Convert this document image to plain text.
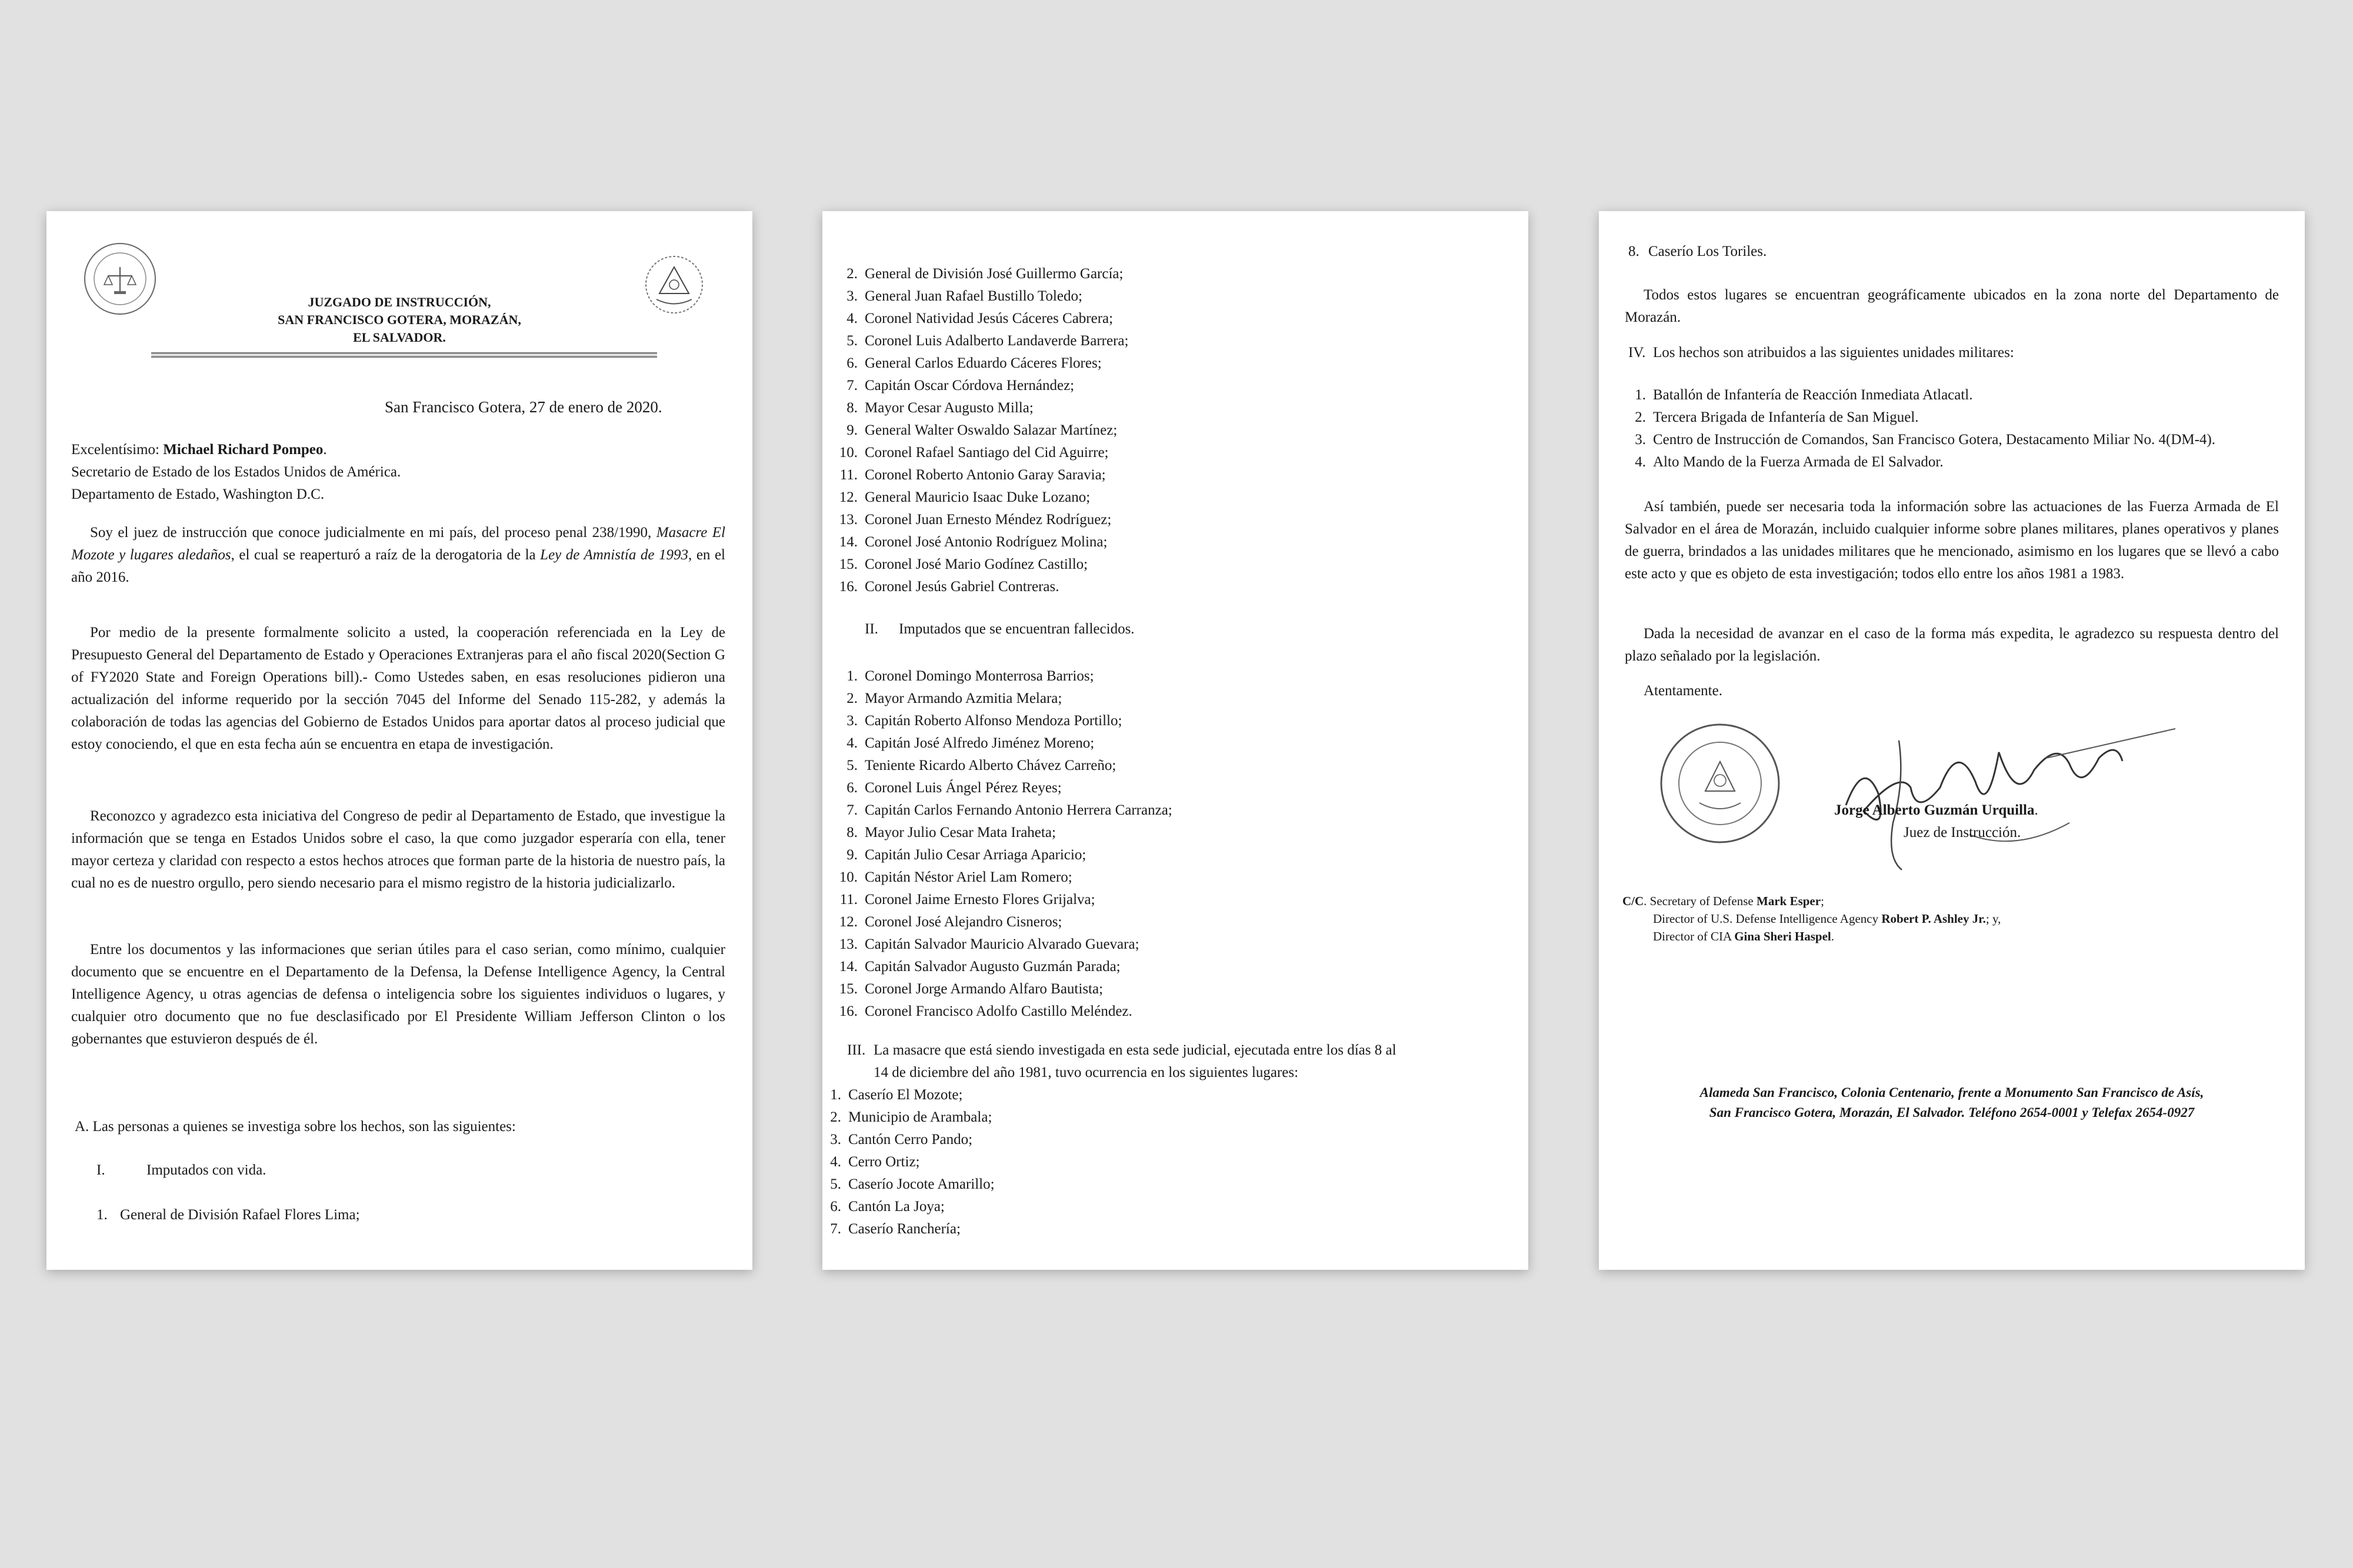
JUZGADO DE INSTRUCCIÓN,
SAN FRANCISCO GOTERA, MORAZÁN,
EL SALVADOR.
San Francisco Gotera, 27 de enero de 2020.
Excelentísimo: Michael Richard Pompeo.
Secretario de Estado de los Estados Unidos de América.
Departamento de Estado, Washington D.C.

Soy el juez de instrucción que conoce judicialmente en mi país, del proceso penal 238/1990, Masacre El Mozote y lugares aledaños, el cual se reaperturó a raíz de la derogatoria de la Ley de Amnistía de 1993, en el año 2016.

Por medio de la presente formalmente solicito a usted, la cooperación referenciada en la Ley de Presupuesto General del Departamento de Estado y Operaciones Extranjeras para el año fiscal 2020(Section G of FY2020 State and Foreign Operations bill).- Como Ustedes saben, en esas resoluciones pidieron una actualización del informe requerido por la sección 7045 del Informe del Senado 115-282, y además la colaboración de todas las agencias del Gobierno de Estados Unidos para aportar datos al proceso judicial que estoy conociendo, el que en esta fecha aún se encuentra en etapa de investigación.

Reconozco y agradezco esta iniciativa del Congreso de pedir al Departamento de Estado, que investigue la información que se tenga en Estados Unidos sobre el caso, la que como juzgador esperaría con ella, tener mayor certeza y claridad con respecto a estos hechos atroces que forman parte de la historia de nuestro país, la cual no es de nuestro orgullo, pero siendo necesario para el mismo registro de la historia judicializarlo.

Entre los documentos y las informaciones que serian útiles para el caso serian, como mínimo, cualquier documento que se encuentre en el Departamento de la Defensa, la Defense Intelligence Agency, la Central Intelligence Agency, u otras agencias de defensa o inteligencia sobre los siguientes individuos o lugares, y cualquier otro documento que no fue desclasificado por El Presidente William Jefferson Clinton o los gobernantes que estuvieron después de él.

A. Las personas a quienes se investiga sobre los hechos, son las siguientes:
I.	Imputados con vida.
1. General de División Rafael Flores Lima;
2. General de División José Guillermo García;
3. General Juan Rafael Bustillo Toledo;
4. Coronel Natividad Jesús Cáceres Cabrera;
5. Coronel Luis Adalberto Landaverde Barrera;
6. General Carlos Eduardo Cáceres Flores;
7. Capitán Oscar Córdova Hernández;
8. Mayor Cesar Augusto Milla;
9. General Walter Oswaldo Salazar Martínez;
10. Coronel Rafael Santiago del Cid Aguirre;
11. Coronel Roberto Antonio Garay Saravia;
12. General Mauricio Isaac Duke Lozano;
13. Coronel Juan Ernesto Méndez Rodríguez;
14. Coronel José Antonio Rodríguez Molina;
15. Coronel José Mario Godínez Castillo;
16. Coronel Jesús Gabriel Contreras.
II. Imputados que se encuentran fallecidos.
1. Coronel Domingo Monterrosa Barrios;
2. Mayor Armando Azmitia Melara;
3. Capitán Roberto Alfonso Mendoza Portillo;
4. Capitán José Alfredo Jiménez Moreno;
5. Teniente Ricardo Alberto Chávez Carreño;
6. Coronel Luis Ángel Pérez Reyes;
7. Capitán Carlos Fernando Antonio Herrera Carranza;
8. Mayor Julio Cesar Mata Iraheta;
9. Capitán Julio Cesar Arriaga Aparicio;
10. Capitán Néstor Ariel Lam Romero;
11. Coronel Jaime Ernesto Flores Grijalva;
12. Coronel José Alejandro Cisneros;
13. Capitán Salvador Mauricio Alvarado Guevara;
14. Capitán Salvador Augusto Guzmán Parada;
15. Coronel Jorge Armando Alfaro Bautista;
16. Coronel Francisco Adolfo Castillo Meléndez.
III. La masacre que está siendo investigada en esta sede judicial, ejecutada entre los días 8 al
14 de diciembre del año 1981, tuvo ocurrencia en los siguientes lugares:
1. Caserío El Mozote;
2. Municipio de Arambala;
3. Cantón Cerro Pando;
4. Cerro Ortiz;
5. Caserío Jocote Amarillo;
6. Cantón La Joya;
7. Caserío Ranchería;
8. Caserío Los Toriles.

Todos estos lugares se encuentran geográficamente ubicados en la zona norte del Departamento de Morazán.

IV. Los hechos son atribuidos a las siguientes unidades militares:
1. Batallón de Infantería de Reacción Inmediata Atlacatl.
2. Tercera Brigada de Infantería de San Miguel.
3. Centro de Instrucción de Comandos, San Francisco Gotera, Destacamento Miliar No. 4(DM-4).
4. Alto Mando de la Fuerza Armada de El Salvador.

Así también, puede ser necesaria toda la información sobre las actuaciones de las Fuerza Armada de El Salvador en el área de Morazán, incluido cualquier informe sobre planes militares, planes operativos y planes de guerra, brindados a las unidades militares que he mencionado, asimismo en los lugares que se llevó a cabo este acto y que es objeto de esta investigación; todos ello entre los años 1981 a 1983.

Dada la necesidad de avanzar en el caso de la forma más expedita, le agradezco su respuesta dentro del plazo señalado por la legislación.

Atentamente.
Jorge Alberto Guzmán Urquilla.
Juez de Instrucción.
C/C. Secretary of Defense Mark Esper;
Director of U.S. Defense Intelligence Agency Robert P. Ashley Jr.; y,
Director of CIA Gina Sheri Haspel.
Alameda San Francisco, Colonia Centenario, frente a Monumento San Francisco de Asís,
San Francisco Gotera, Morazán, El Salvador. Teléfono 2654-0001 y Telefax 2654-0927
